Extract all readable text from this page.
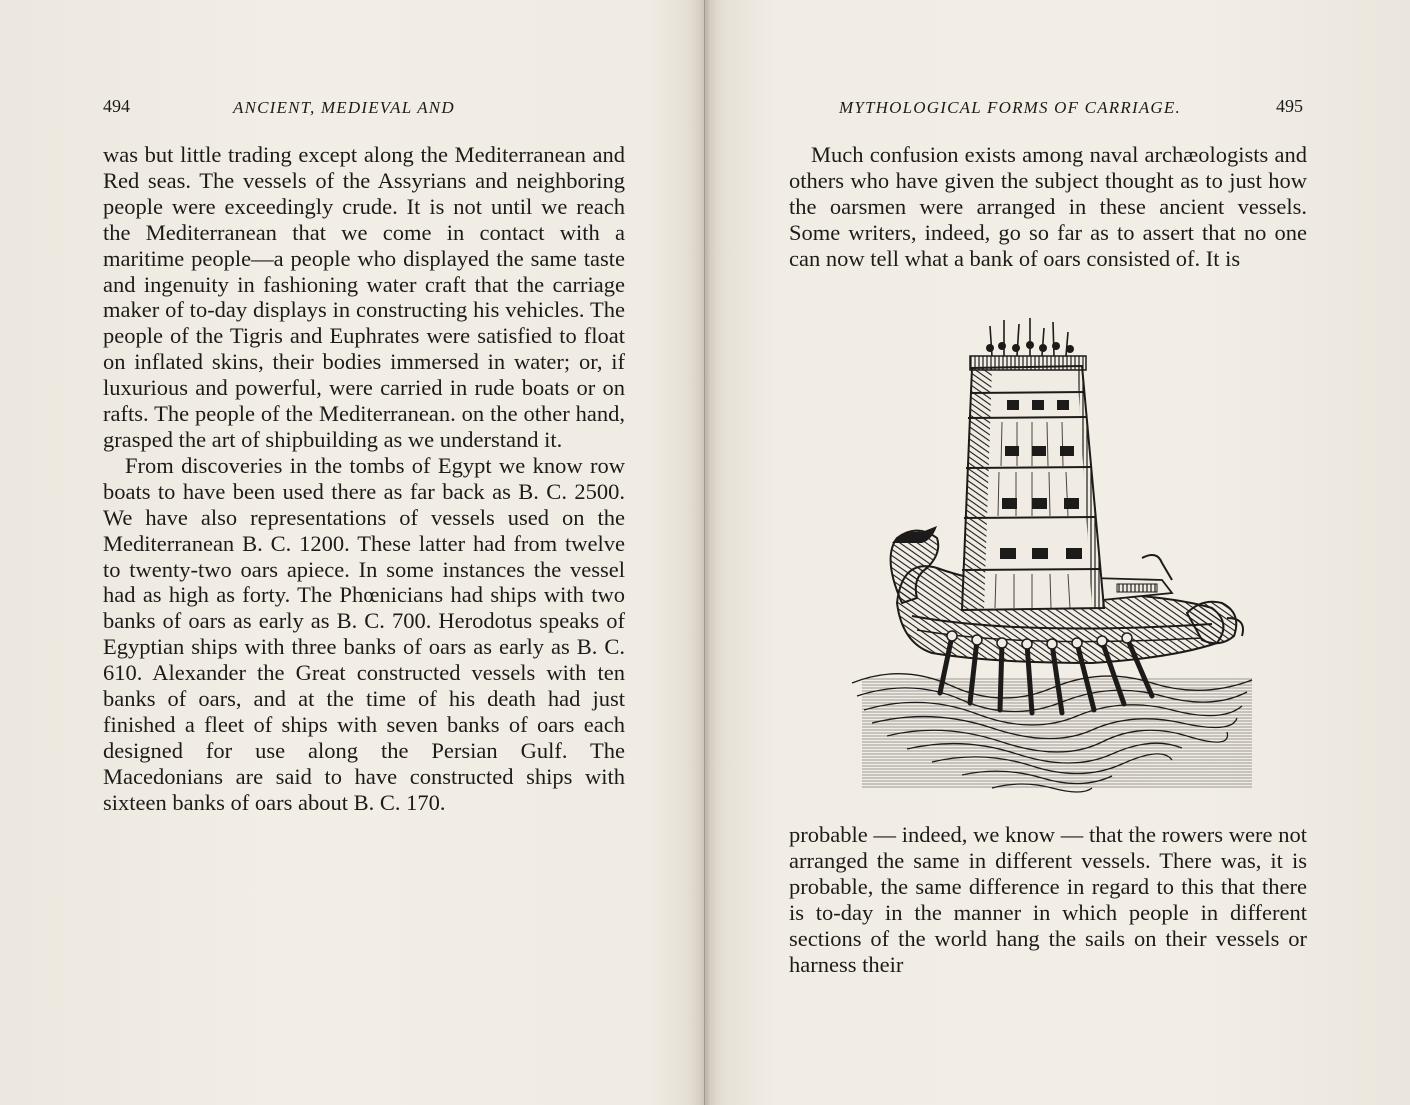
494	ANCIENT, MEDIEVAL AND

was but little trading except along the Mediterranean and Red seas. The vessels of the Assyrians and neighboring people were exceedingly crude. It is not until we reach the Mediterranean that we come in contact with a maritime people—a people who displayed the same taste and ingenuity in fashioning water craft that the carriage maker of to-day displays in constructing his vehicles. The people of the Tigris and Euphrates were satisfied to float on inflated skins, their bodies immersed in water; or, if luxurious and powerful, were carried in rude boats or on rafts. The people of the Mediterranean. on the other hand, grasped the art of shipbuilding as we understand it.

From discoveries in the tombs of Egypt we know row boats to have been used there as far back as B. C. 2500. We have also representations of vessels used on the Mediterranean B. C. 1200. These latter had from twelve to twenty-two oars apiece. In some instances the vessel had as high as forty. The Phœnicians had ships with two banks of oars as early as B. C. 700. Herodotus speaks of Egyptian ships with three banks of oars as early as B. C. 610. Alexander the Great constructed vessels with ten banks of oars, and at the time of his death had just finished a fleet of ships with seven banks of oars each designed for use along the Persian Gulf. The Macedonians are said to have constructed ships with sixteen banks of oars about B. C. 170.

MYTHOLOGICAL FORMS OF CARRIAGE.	495

Much confusion exists among naval archæologists and others who have given the subject thought as to just how the oarsmen were arranged in these ancient vessels. Some writers, indeed, go so far as to assert that no one can now tell what a bank of oars consisted of. It is

probable — indeed, we know — that the rowers were not arranged the same in different vessels. There was, it is probable, the same difference in regard to this that there is to-day in the manner in which people in different sections of the world hang the sails on their vessels or harness their
